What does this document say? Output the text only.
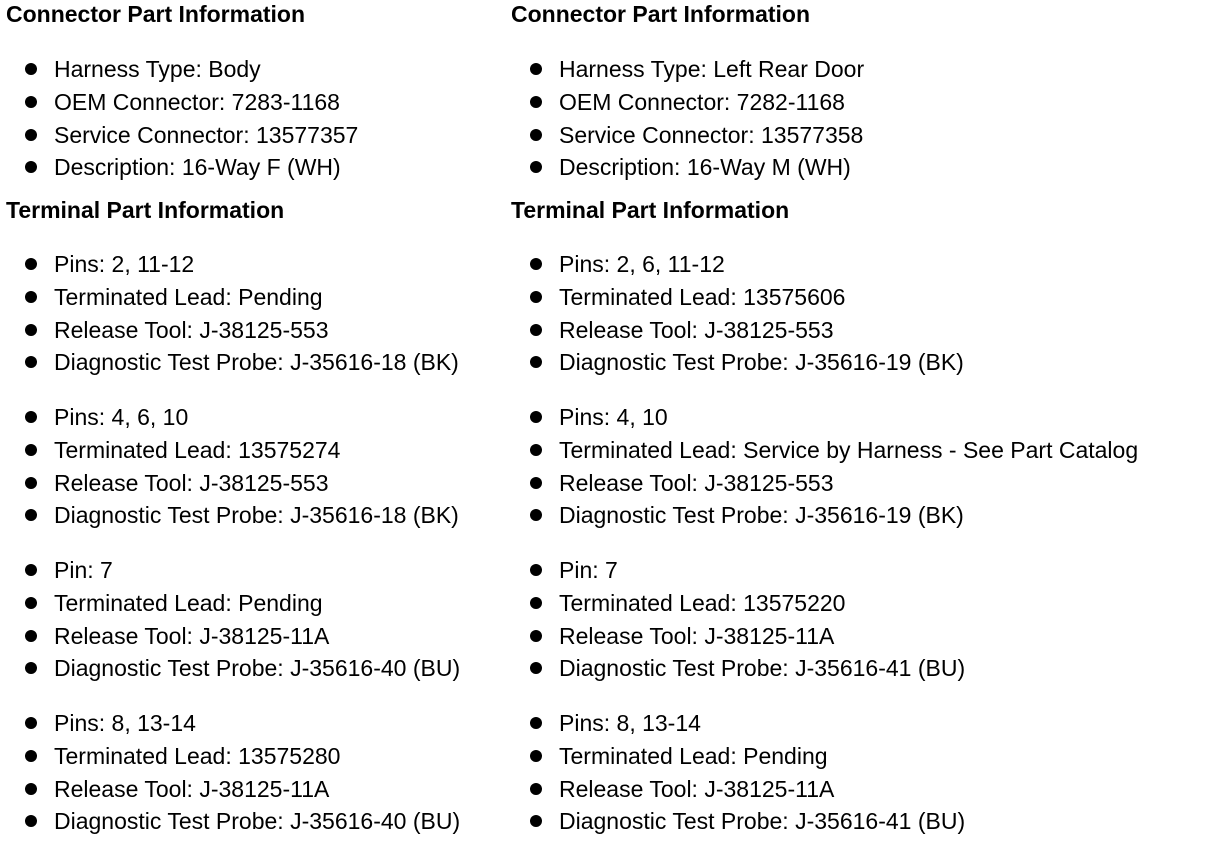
Connector Part Information
Harness Type: Body
OEM Connector: 7283-1168
Service Connector: 13577357
Description: 16-Way F (WH)
Terminal Part Information
Pins: 2, 11-12
Terminated Lead: Pending
Release Tool: J-38125-553
Diagnostic Test Probe: J-35616-18 (BK)
Pins: 4, 6, 10
Terminated Lead: 13575274
Release Tool: J-38125-553
Diagnostic Test Probe: J-35616-18 (BK)
Pin: 7
Terminated Lead: Pending
Release Tool: J-38125-11A
Diagnostic Test Probe: J-35616-40 (BU)
Pins: 8, 13-14
Terminated Lead: 13575280
Release Tool: J-38125-11A
Diagnostic Test Probe: J-35616-40 (BU)
Connector Part Information
Harness Type: Left Rear Door
OEM Connector: 7282-1168
Service Connector: 13577358
Description: 16-Way M (WH)
Terminal Part Information
Pins: 2, 6, 11-12
Terminated Lead: 13575606
Release Tool: J-38125-553
Diagnostic Test Probe: J-35616-19 (BK)
Pins: 4, 10
Terminated Lead: Service by Harness - See Part Catalog
Release Tool: J-38125-553
Diagnostic Test Probe: J-35616-19 (BK)
Pin: 7
Terminated Lead: 13575220
Release Tool: J-38125-11A
Diagnostic Test Probe: J-35616-41 (BU)
Pins: 8, 13-14
Terminated Lead: Pending
Release Tool: J-38125-11A
Diagnostic Test Probe: J-35616-41 (BU)
